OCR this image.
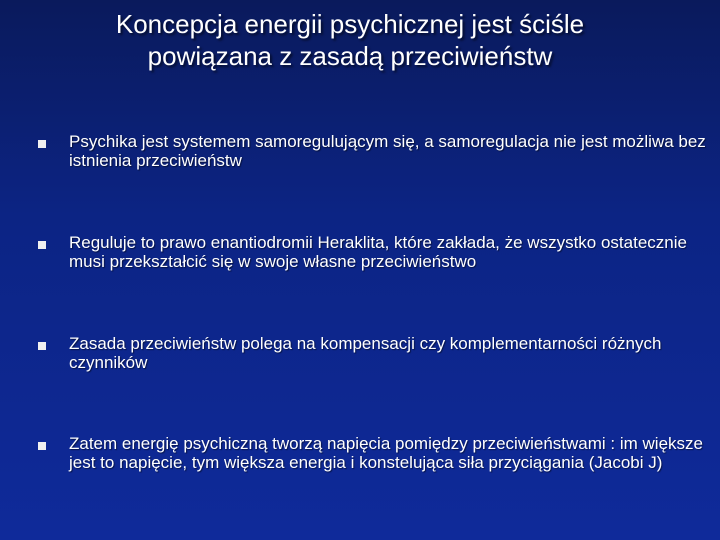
Koncepcja energii psychicznej jest ściśle powiązana z zasadą przeciwieństw
Psychika jest systemem samoregulującym się, a samoregulacja nie jest możliwa bez istnienia przeciwieństw
Reguluje to prawo enantiodromii Heraklita, które zakłada, że wszystko ostatecznie musi przekształcić się w swoje własne przeciwieństwo
Zasada przeciwieństw polega na kompensacji czy komplementarności różnych czynników
Zatem energię psychiczną tworzą napięcia pomiędzy przeciwieństwami : im większe jest to napięcie, tym większa energia i konstelująca siła przyciągania (Jacobi J)
